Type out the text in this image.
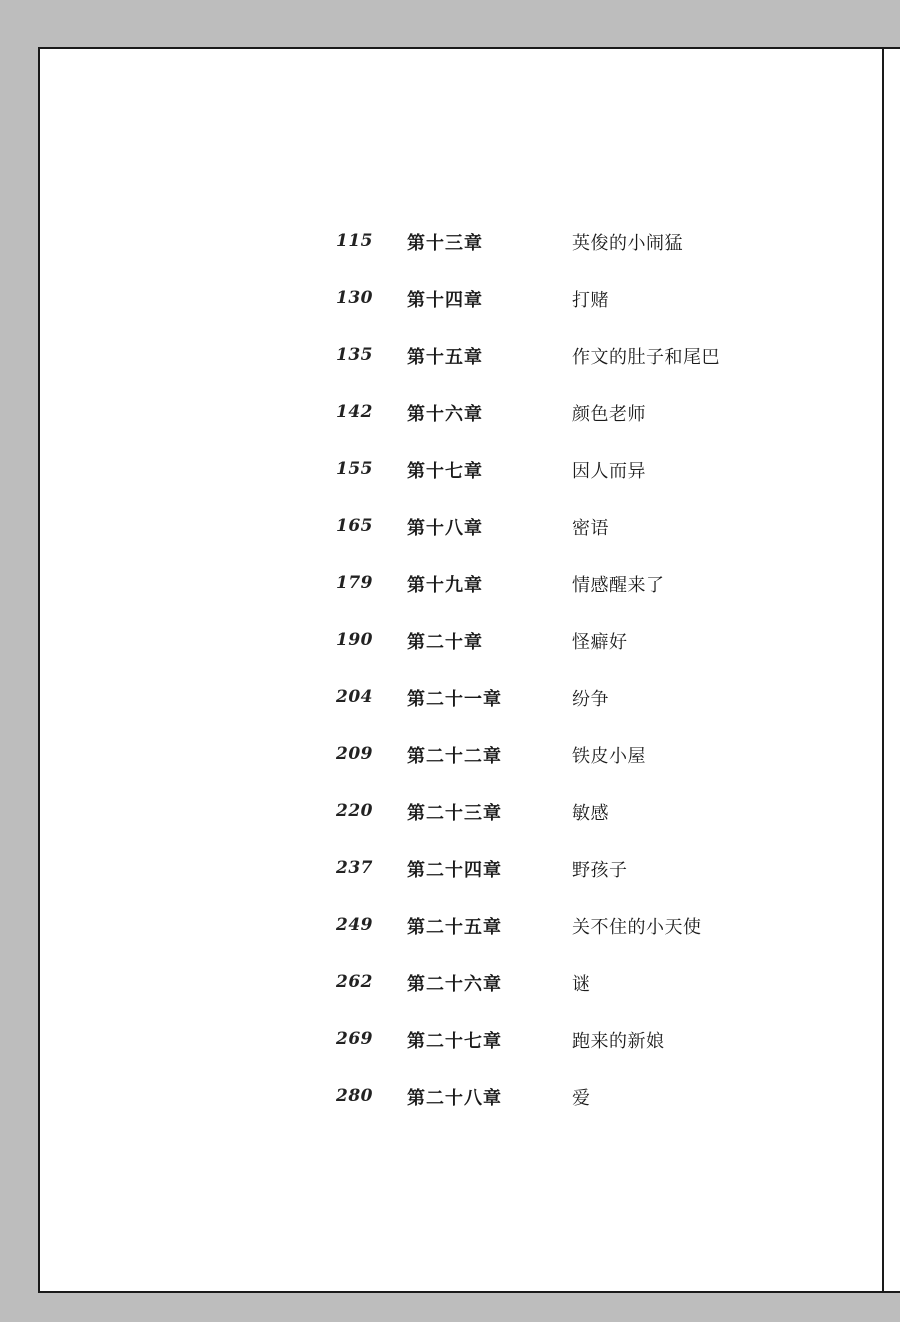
115 第十三章	英俊的小闹猛
130 第十四章	打赌
135 第十五章	作文的肚子和尾巴
142 第十六章	颜色老师
155 第十七章	因人而异
165 第十八章	密语
179 第十九章	情感醒来了
190 第二十章	怪癖好
204 第二十一章	纷争
209 第二十二章	铁皮小屋
220 第二十三章	敏感
237 第二十四章	野孩子
249 第二十五章	关不住的小天使
262 第二十六章	谜
269 第二十七章	跑来的新娘
280 第二十八章	爱
